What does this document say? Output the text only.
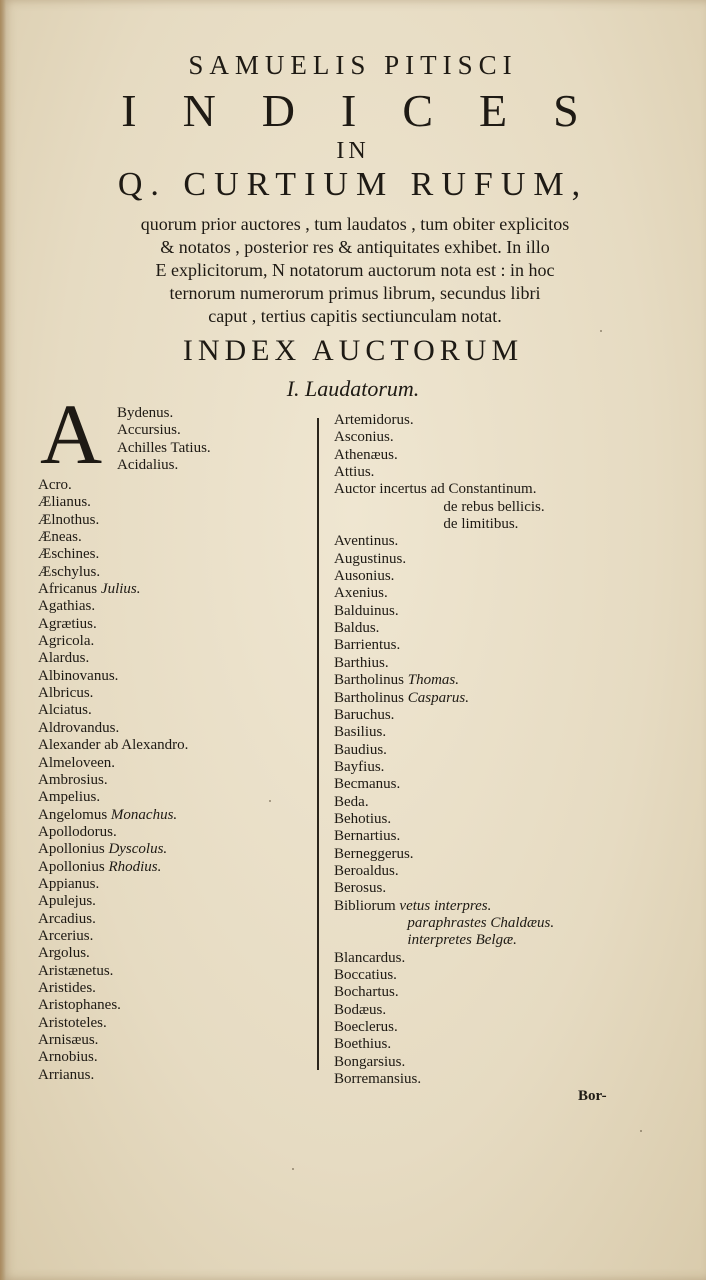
SAMUELIS PITISCI
INDICES
IN
Q. CURTIUM RUFUM,
quorum prior auctores , tum laudatos , tum obiter explicitos
& notatos , posterior res & antiquitates exhibet. In illo
E explicitorum, N notatorum auctorum nota est : in hoc
ternorum numerorum primus librum, secundus libri
caput , tertius capitis sectiunculam notat.
INDEX AUCTORUM
I. Laudatorum.
A Bydenus.
Accursius.
Achilles Tatius.
Acidalius.
Acro.
Ælianus.
Ælnothus.
Æneas.
Æschines.
Æschylus.
Africanus Julius.
Agathias.
Agrætius.
Agricola.
Alardus.
Albinovanus.
Albricus.
Alciatus.
Aldrovandus.
Alexander ab Alexandro.
Almeloveen.
Ambrosius.
Ampelius.
Angelomus Monachus.
Apollodorus.
Apollonius Dyscolus.
Apollonius Rhodius.
Appianus.
Apulejus.
Arcadius.
Arcerius.
Argolus.
Aristænetus.
Aristides.
Aristophanes.
Aristoteles.
Arnisæus.
Arnobius.
Arrianus.
Artemidorus.
Asconius.
Athenæus.
Attius.
Auctor incertus ad Constantinum.
de rebus bellicis.
de limitibus.
Aventinus.
Augustinus.
Ausonius.
Axenius.
Balduinus.
Baldus.
Barrientus.
Barthius.
Bartholinus Thomas.
Bartholinus Casparus.
Baruchus.
Basilius.
Baudius.
Bayfius.
Becmanus.
Beda.
Behotius.
Bernartius.
Berneggerus.
Beroaldus.
Berosus.
Bibliorum vetus interpres.
paraphrastes Chaldæus.
interpretes Belgæ.
Blancardus.
Boccatius.
Bochartus.
Bodæus.
Boeclerus.
Boethius.
Bongarsius.
Borremansius.
Bor-
